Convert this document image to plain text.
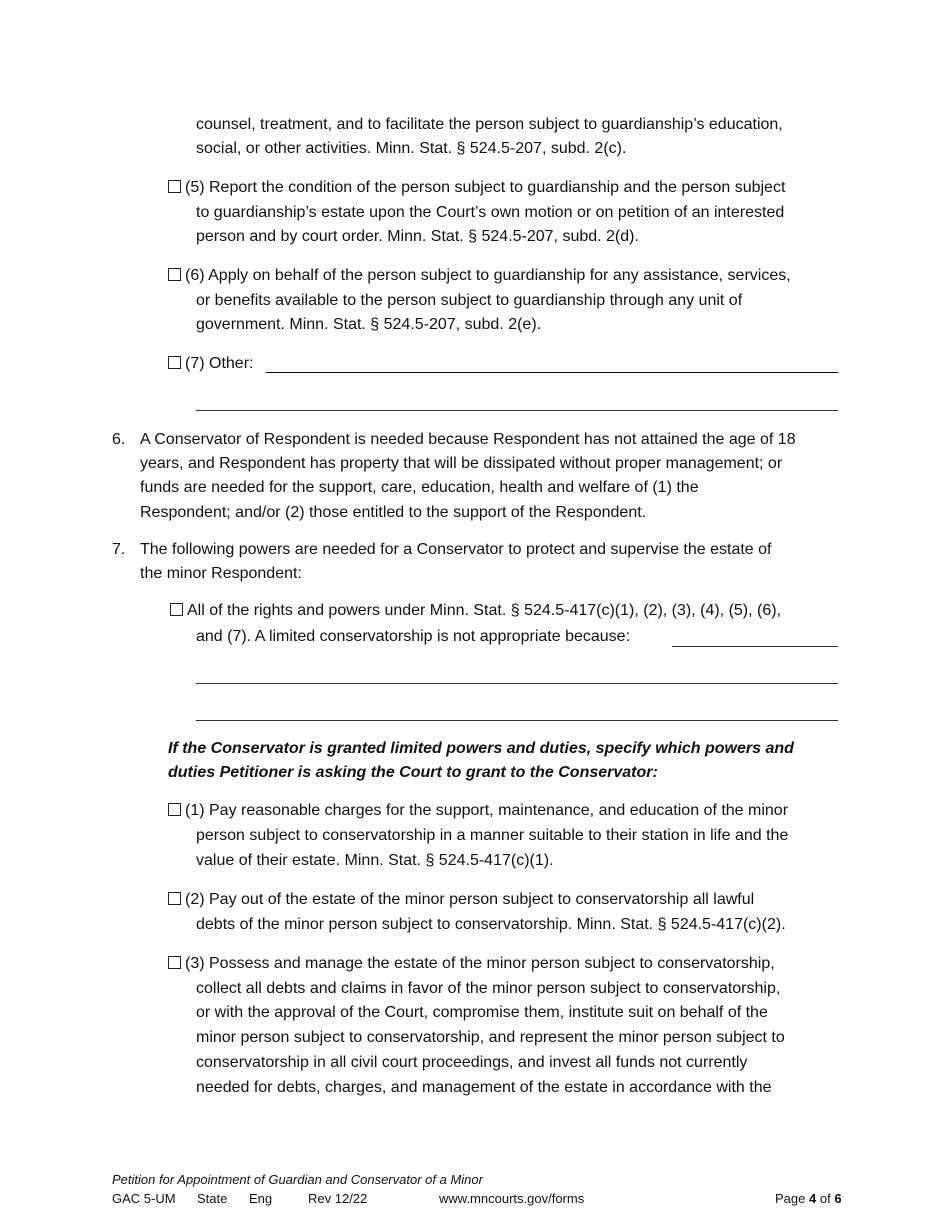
counsel, treatment, and to facilitate the person subject to guardianship’s education,
social, or other activities. Minn. Stat. § 524.5-207, subd. 2(c).
(5) Report the condition of the person subject to guardianship and the person subject
to guardianship’s estate upon the Court’s own motion or on petition of an interested
person and by court order. Minn. Stat. § 524.5-207, subd. 2(d).
(6) Apply on behalf of the person subject to guardianship for any assistance, services,
or benefits available to the person subject to guardianship through any unit of
government. Minn. Stat. § 524.5-207, subd. 2(e).
(7) Other:
6. A Conservator of Respondent is needed because Respondent has not attained the age of 18
years, and Respondent has property that will be dissipated without proper management; or
funds are needed for the support, care, education, health and welfare of (1) the
Respondent; and/or (2) those entitled to the support of the Respondent.
7. The following powers are needed for a Conservator to protect and supervise the estate of
the minor Respondent:
All of the rights and powers under Minn. Stat. § 524.5-417(c)(1), (2), (3), (4), (5), (6),
and (7). A limited conservatorship is not appropriate because:
If the Conservator is granted limited powers and duties, specify which powers and
duties Petitioner is asking the Court to grant to the Conservator:
(1) Pay reasonable charges for the support, maintenance, and education of the minor
person subject to conservatorship in a manner suitable to their station in life and the
value of their estate. Minn. Stat. § 524.5-417(c)(1).
(2) Pay out of the estate of the minor person subject to conservatorship all lawful
debts of the minor person subject to conservatorship. Minn. Stat. § 524.5-417(c)(2).
(3) Possess and manage the estate of the minor person subject to conservatorship,
collect all debts and claims in favor of the minor person subject to conservatorship,
or with the approval of the Court, compromise them, institute suit on behalf of the
minor person subject to conservatorship, and represent the minor person subject to
conservatorship in all civil court proceedings, and invest all funds not currently
needed for debts, charges, and management of the estate in accordance with the
Petition for Appointment of Guardian and Conservator of a Minor
GAC 5-UM State Eng	Rev 12/22	www.mncourts.gov/forms	Page 4 of 6
